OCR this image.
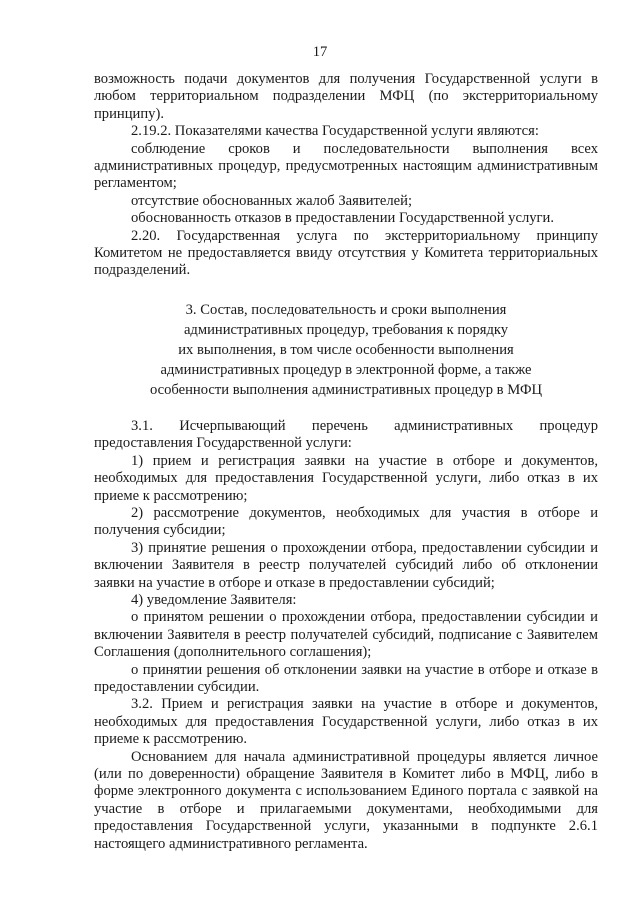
17

возможность подачи документов для получения Государственной услуги в любом территориальном подразделении МФЦ (по экстерриториальному принципу).

2.19.2. Показателями качества Государственной услуги являются:

соблюдение сроков и последовательности выполнения всех административных процедур, предусмотренных настоящим административным регламентом;

отсутствие обоснованных жалоб Заявителей;

обоснованность отказов в предоставлении Государственной услуги.

2.20. Государственная услуга по экстерриториальному принципу Комитетом не предоставляется ввиду отсутствия у Комитета территориальных подразделений.

3. Состав, последовательность и сроки выполнения
административных процедур, требования к порядку
их выполнения, в том числе особенности выполнения
административных процедур в электронной форме, а также
особенности выполнения административных процедур в МФЦ

3.1. Исчерпывающий перечень административных процедур предоставления Государственной услуги:

1) прием и регистрация заявки на участие в отборе и документов, необходимых для предоставления Государственной услуги, либо отказ в их приеме к рассмотрению;

2) рассмотрение документов, необходимых для участия в отборе и получения субсидии;

3) принятие решения о прохождении отбора, предоставлении субсидии и включении Заявителя в реестр получателей субсидий либо об отклонении заявки на участие в отборе и отказе в предоставлении субсидий;

4) уведомление Заявителя:

о принятом решении о прохождении отбора, предоставлении субсидии и включении Заявителя в реестр получателей субсидий, подписание с Заявителем Соглашения (дополнительного соглашения);

о принятии решения об отклонении заявки на участие в отборе и отказе в предоставлении субсидии.

3.2. Прием и регистрация заявки на участие в отборе и документов, необходимых для предоставления Государственной услуги, либо отказ в их приеме к рассмотрению.

Основанием для начала административной процедуры является личное (или по доверенности) обращение Заявителя в Комитет либо в МФЦ, либо в форме электронного документа с использованием Единого портала с заявкой на участие в отборе и прилагаемыми документами, необходимыми для предоставления Государственной услуги, указанными в подпункте 2.6.1 настоящего административного регламента.
